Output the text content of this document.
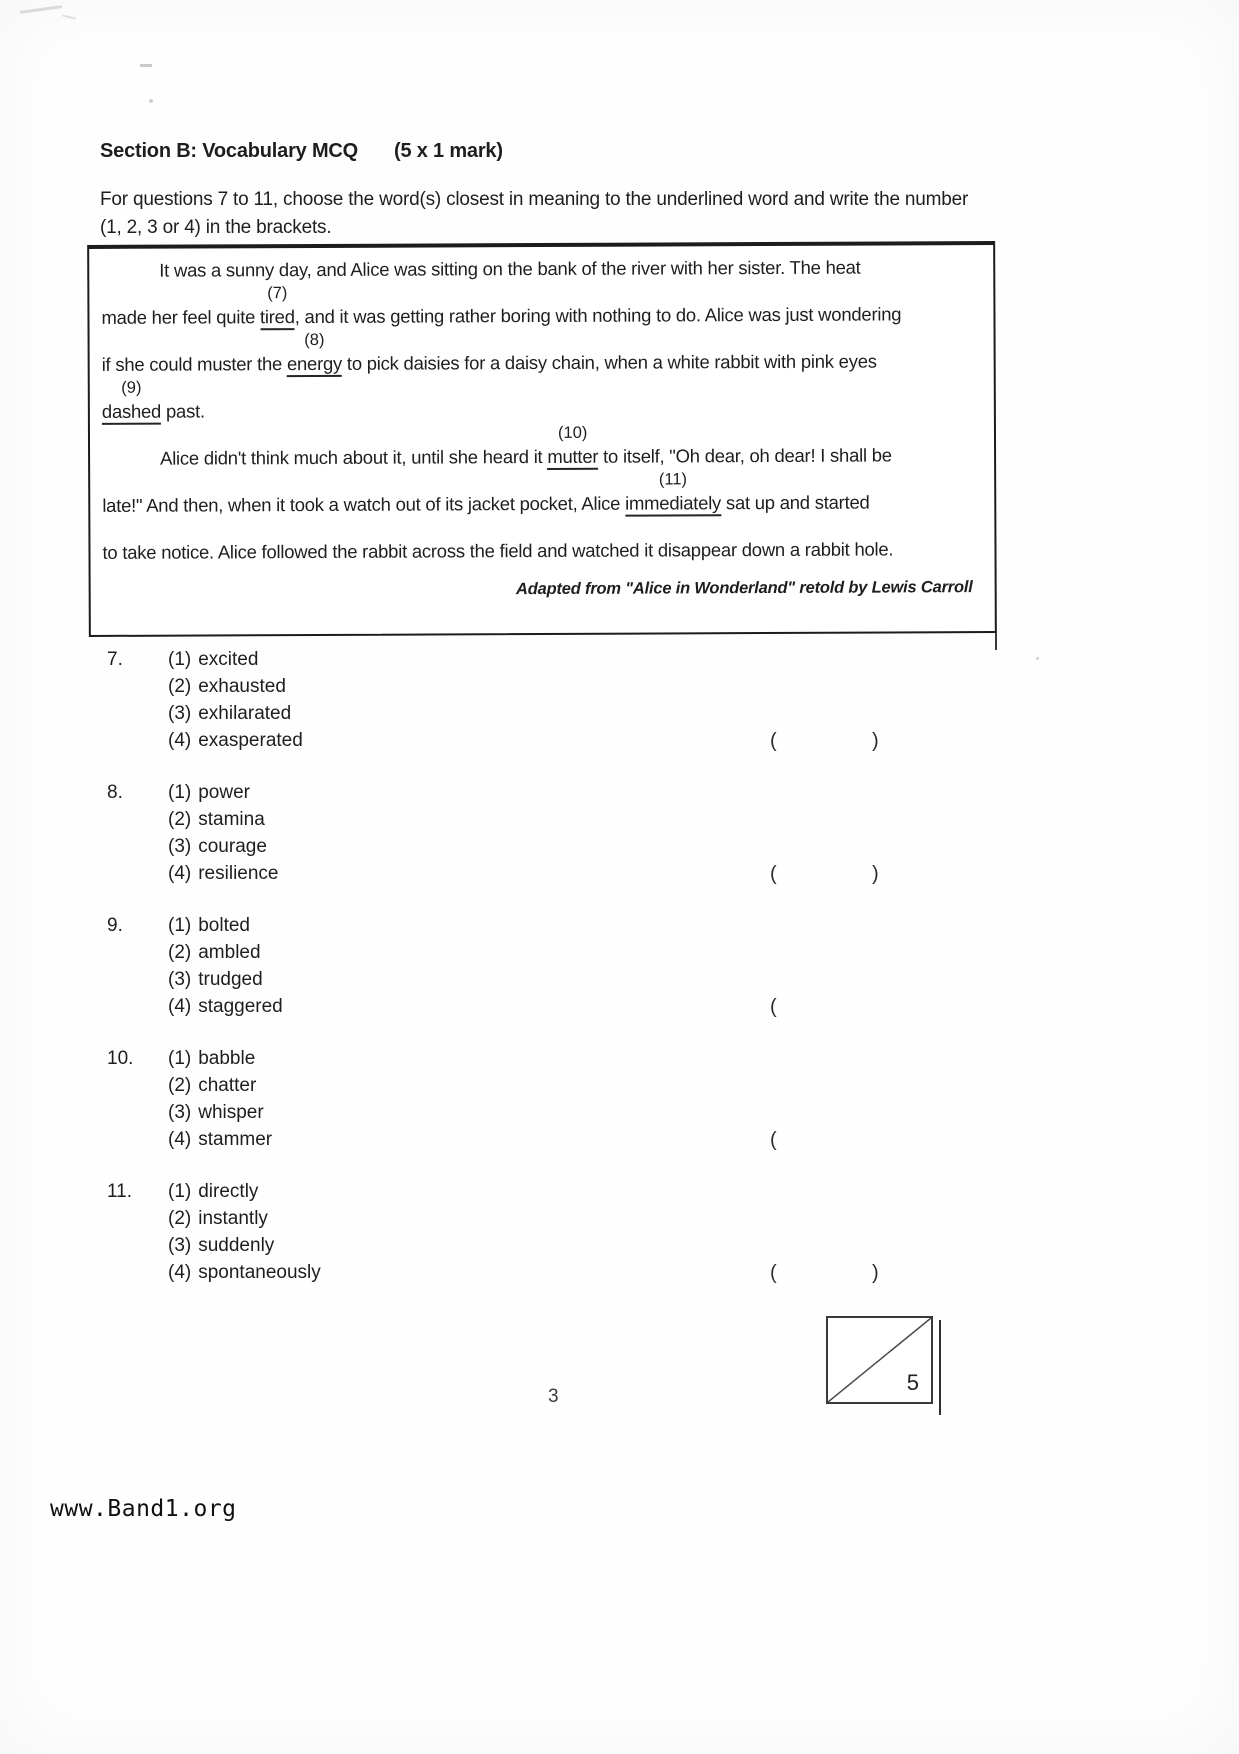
Section B: Vocabulary MCQ (5 x 1 mark)
For questions 7 to 11, choose the word(s) closest in meaning to the underlined word and write the number (1, 2, 3 or 4) in the brackets.
It was a sunny day, and Alice was sitting on the bank of the river with her sister. The heat
made her feel quite
(7)
tired, and it was getting rather boring with nothing to do. Alice was just wondering
if she could muster the
(8)
energy to pick daisies for a daisy chain, when a white rabbit with pink eyes
(9)
dashed past.
Alice didn't think much about it, until she heard it
(10)
mutter to itself, "Oh dear, oh dear! I shall be
late!" And then, when it took a watch out of its jacket pocket, Alice
(11)
immediately sat up and started
to take notice. Alice followed the rabbit across the field and watched it disappear down a rabbit hole.
Adapted from "Alice in Wonderland" retold by Lewis Carroll
7.	(1) excited
(2) exhausted
(3) exhilarated
(4) exasperated	(	)
8.	(1) power
(2) stamina
(3) courage
(4) resilience	(	)
9.	(1) bolted
(2) ambled
(3) trudged
(4) staggered	(
10.	(1) babble
(2) chatter
(3) whisper
(4) stammer	(
11.	(1) directly
(2) instantly
(3) suddenly
(4) spontaneously	(	)
5
3
www.Band1.org
